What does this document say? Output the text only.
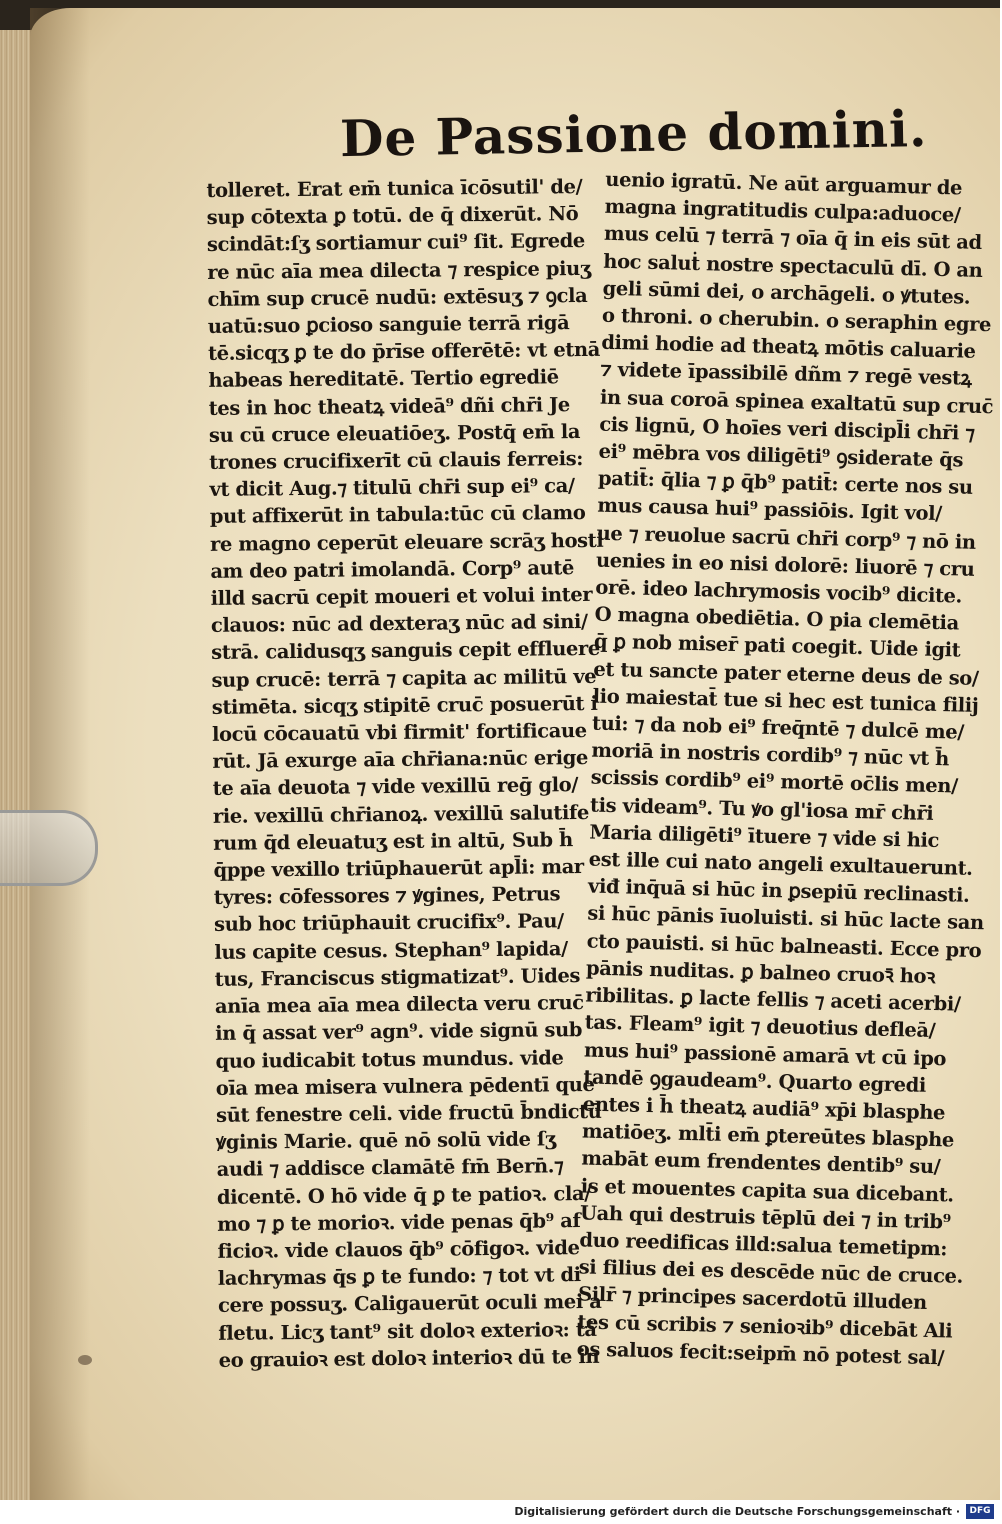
De Passione domini.
tolleret. Erat em̄ tunica īcōsutil' de/
sup cōtexta ꝑ totū. de q̄ dixerūt. Nō
scindāt:ſʒ sortiamur cui⁹ ſit. Egrede
re nūc aīa mea dilecta ⁊ respice piuʒ
chīm sup crucē nudū: extēsuʒ ⁊ ꝯcla
uatū:suo ꝑcioso sanguie terrā rigā
tē.sicqʒ ꝑ te do p̄rīse offerētē: vt etnā
habeas hereditatē. Tertio egrediē
tes in hoc theatꝝ videā⁹ dñi chr̄i Je
su cū cruce eleuatiōeʒ. Postq̄ em̄ la
trones crucifixerīt cū clauis ferreis:
vt dicit Aug.⁊ titulū chr̄i sup ei⁹ ca/
put affixerūt in tabula:tūc cū clamo
re magno ceperūt eleuare scrāʒ hosti
am deo patri imolandā. Corp⁹ autē
illd sacrū cepit moueri et volui inter
clauos: nūc ad dexteraʒ nūc ad sini/
strā. calidusqʒ sanguis cepit effluere
sup crucē: terrā ⁊ capita ac militū ve
stimēta. sicqʒ stipitē cruc̄ posuerūt i
locū cōcauatū vbi firmit' fortificaue
rūt. Jā exurge aīa chr̄iana:nūc erige
te aīa deuota ⁊ vide vexillū reḡ glo/
rie. vexillū chr̄ianoꝝ. vexillū salutife
rum q̄d eleuatuʒ est in altū, Sub h̄
q̄ppe vexillo triūphauerūt apl̄i: mar
tyres: cōfessores ⁊ ꝟgines, Petrus
sub hoc triūphauit crucifix⁹. Pau/
lus capite cesus. Stephan⁹ lapida/
tus, Franciscus stigmatizat⁹. Uides
anīa mea aīa mea dilecta veru cruc̄
in q̄ assat ver⁹ agn⁹. vide signū sub
quo iudicabit totus mundus. vide
oīa mea misera vulnera pēdentī que
sūt fenestre celi. vide fructū b̄ndictū
ꝟginis Marie. quē nō solū vide ſʒ
audi ⁊ addisce clamātē fm̄ Bern̄.⁊
dicentē. O hō vide q̄ ꝑ te patioꝛ. cla/
mo ⁊ ꝑ te morioꝛ. vide penas q̄b⁹ af
ficioꝛ. vide clauos q̄b⁹ cōfigoꝛ. vide
lachrymas q̄s ꝑ te fundo: ⁊ tot vt di
cere possuʒ. Caligauerūt oculi mei a
fletu. Licʒ tant⁹ sit doloꝛ exterioꝛ: tā
eo grauioꝛ est doloꝛ interioꝛ dū te in
uenio igratū. Ne aūt arguamur de
magna ingratitudis culpa:aduoce/
mus celū ⁊ terrā ⁊ oīa q̄ in eis sūt ad
hoc saluṫ nostre spectaculū dī. O an
geli sūmi dei, o archāgeli. o ꝟtutes.
o throni. o cherubin. o seraphin egre
dimi hodie ad theatꝝ mōtis caluarie
⁊ videte īpassibilē dñm ⁊ regē vestꝝ
in sua coroā spinea exaltatū sup cruc̄
cis lignū, O hoīes veri discipl̄i chr̄i ⁊
ei⁹ mēbra vos diligēti⁹ ꝯsiderate q̄s
patit̄: q̄lia ⁊ ꝑ q̄b⁹ patit̄: certe nos su
mus causa hui⁹ passiōis. Igit vol/
ue ⁊ reuolue sacrū chr̄i corp⁹ ⁊ nō in
uenies in eo nisi dolorē: liuorē ⁊ cru
orē. ideo lachrymosis vocib⁹ dicite.
O magna obediētia. O pia clemētia
q̄ ꝑ nob miser̄ pati coegit. Uide igit
et tu sancte pater eterne deus de so/
lio maiestat̄ tue si hec est tunica filij
tui: ⁊ da nob ei⁹ freq̄ntē ⁊ dulcē me/
moriā in nostris cordib⁹ ⁊ nūc vt h̄
scissis cordib⁹ ei⁹ mortē oc̄lis men/
tis videam⁹. Tu ꝟo gl'iosa mr̄ chr̄i
Maria diligēti⁹ ītuere ⁊ vide si hic
est ille cui nato angeli exultauerunt.
viđ inq̄uā si hūc in ꝑsepiū reclinasti.
si hūc pānis īuoluisti. si hūc lacte san
cto pauisti. si hūc balneasti. Ecce pro
pānis nuditas. ꝑ balneo cruoꝛ̄ hoꝛ
ribilitas. ꝑ lacte fellis ⁊ aceti acerbi/
tas. Fleam⁹ igit ⁊ deuotius defleā/
mus hui⁹ passionē amarā vt cū ipo
tandē ꝯgaudeam⁹. Quarto egredi
entes i h̄ theatꝝ audiā⁹ xp̄i blasphe
matiōeʒ. mlt̄i em̄ ꝑtereūtes blasphe
mabāt eum frendentes dentib⁹ su/
is et mouentes capita sua dicebant.
Uah qui destruis tēplū dei ⁊ in trib⁹
duo reedificas illd:salua temetipm:
si filius dei es descēde nūc de cruce.
Silr̄ ⁊ principes sacerdotū illuden
tes cū scribis ⁊ senioꝛib⁹ dicebāt Ali
os saluos fecit:seipm̄ nō potest sal/
Digitalisierung gefördert durch die Deutsche Forschungsgemeinschaft ·	DFG
